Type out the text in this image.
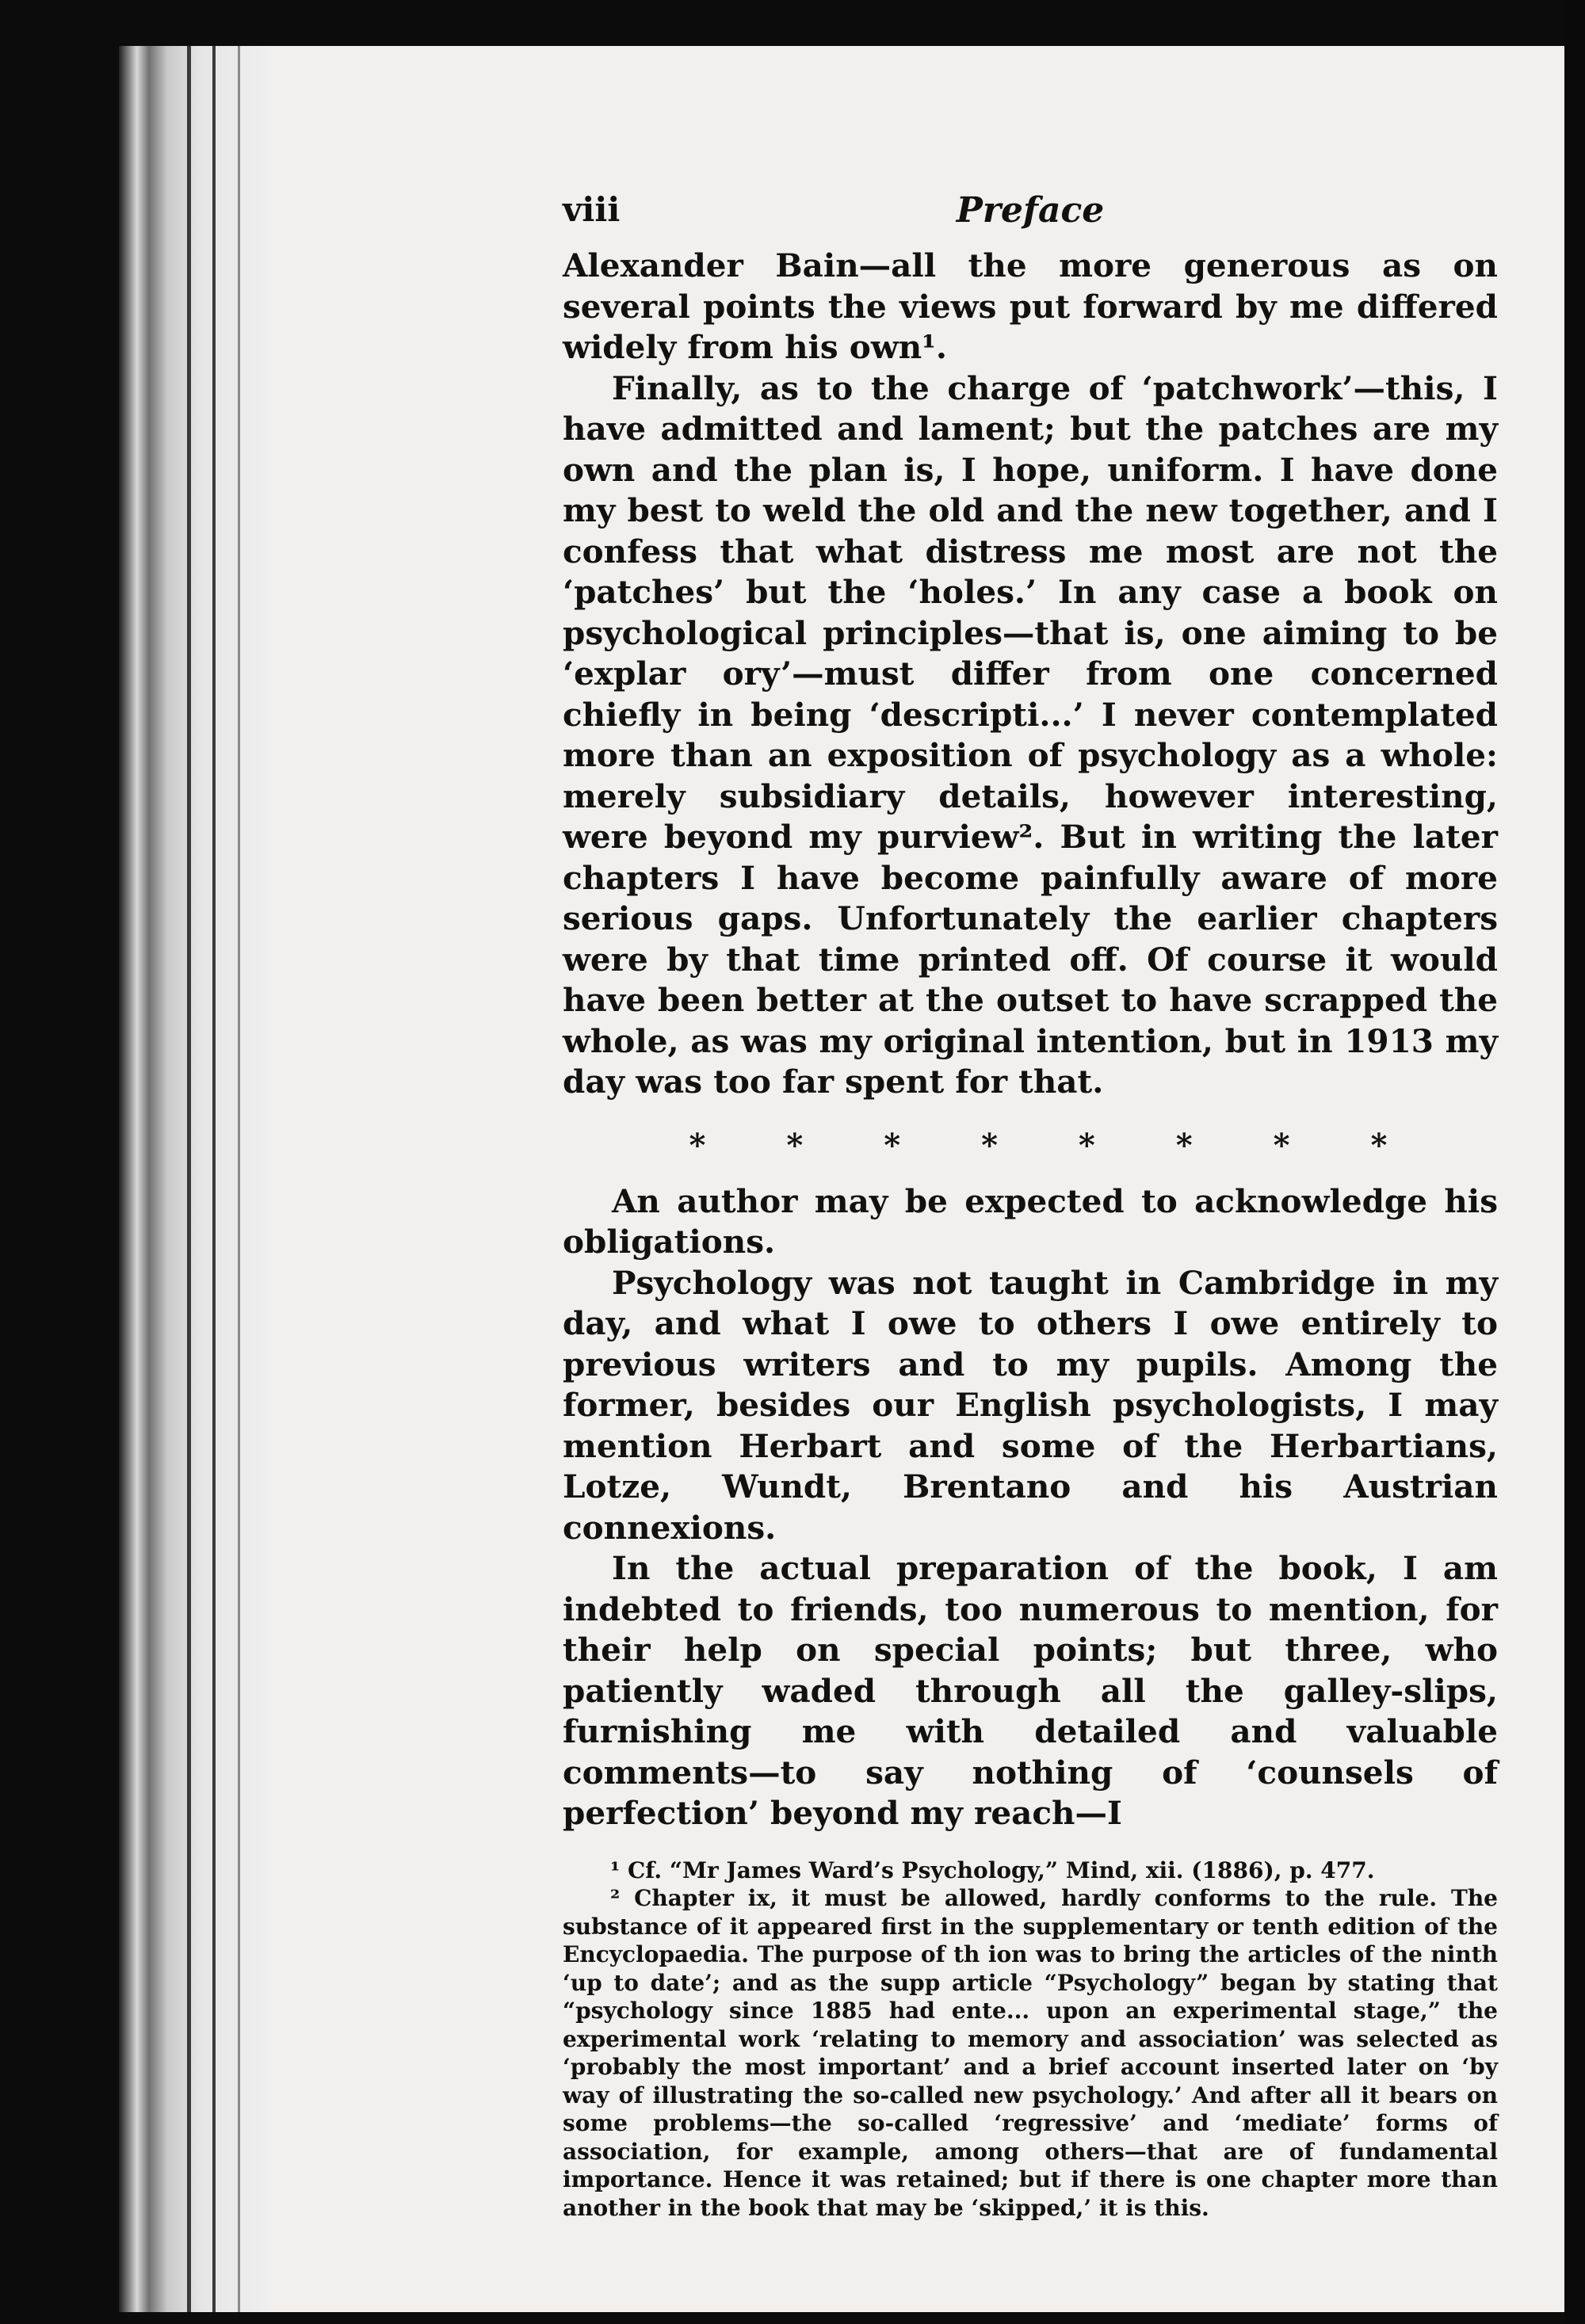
viii	Preface

Alexander Bain—all the more generous as on several points the views put forward by me differed widely from his own¹.

Finally, as to the charge of ‘patchwork’—this, I have admitted and lament; but the patches are my own and the plan is, I hope, uniform. I have done my best to weld the old and the new together, and I confess that what distress me most are not the ‘patches’ but the ‘holes.’ In any case a book on psychological principles—that is, one aiming to be ‘explar ory’—must differ from one concerned chiefly in being ‘descripti...’ I never contemplated more than an exposition of psychology as a whole: merely subsidiary details, however interesting, were beyond my purview². But in writing the later chapters I have become painfully aware of more serious gaps. Unfortunately the earlier chapters were by that time printed off. Of course it would have been better at the outset to have scrapped the whole, as was my original intention, but in 1913 my day was too far spent for that.

*	*	*	*	*	*	*	*

An author may be expected to acknowledge his obligations.

Psychology was not taught in Cambridge in my day, and what I owe to others I owe entirely to previous writers and to my pupils. Among the former, besides our English psychologists, I may mention Herbart and some of the Herbartians, Lotze, Wundt, Brentano and his Austrian connexions.

In the actual preparation of the book, I am indebted to friends, too numerous to mention, for their help on special points; but three, who patiently waded through all the galley-slips, furnishing me with detailed and valuable comments—to say nothing of ‘counsels of perfection’ beyond my reach—I

¹ Cf. “Mr James Ward’s Psychology,” Mind, xii. (1886), p. 477.

² Chapter ix, it must be allowed, hardly conforms to the rule. The substance of it appeared first in the supplementary or tenth edition of the Encyclopaedia. The purpose of th ion was to bring the articles of the ninth ‘up to date’; and as the supp article “Psychology” began by stating that “psychology since 1885 had ente... upon an experimental stage,” the experimental work ‘relating to memory and association’ was selected as ‘probably the most important’ and a brief account inserted later on ‘by way of illustrating the so-called new psychology.’ And after all it bears on some problems—the so-called ‘regressive’ and ‘mediate’ forms of association, for example, among others—that are of fundamental importance. Hence it was retained; but if there is one chapter more than another in the book that may be ‘skipped,’ it is this.
